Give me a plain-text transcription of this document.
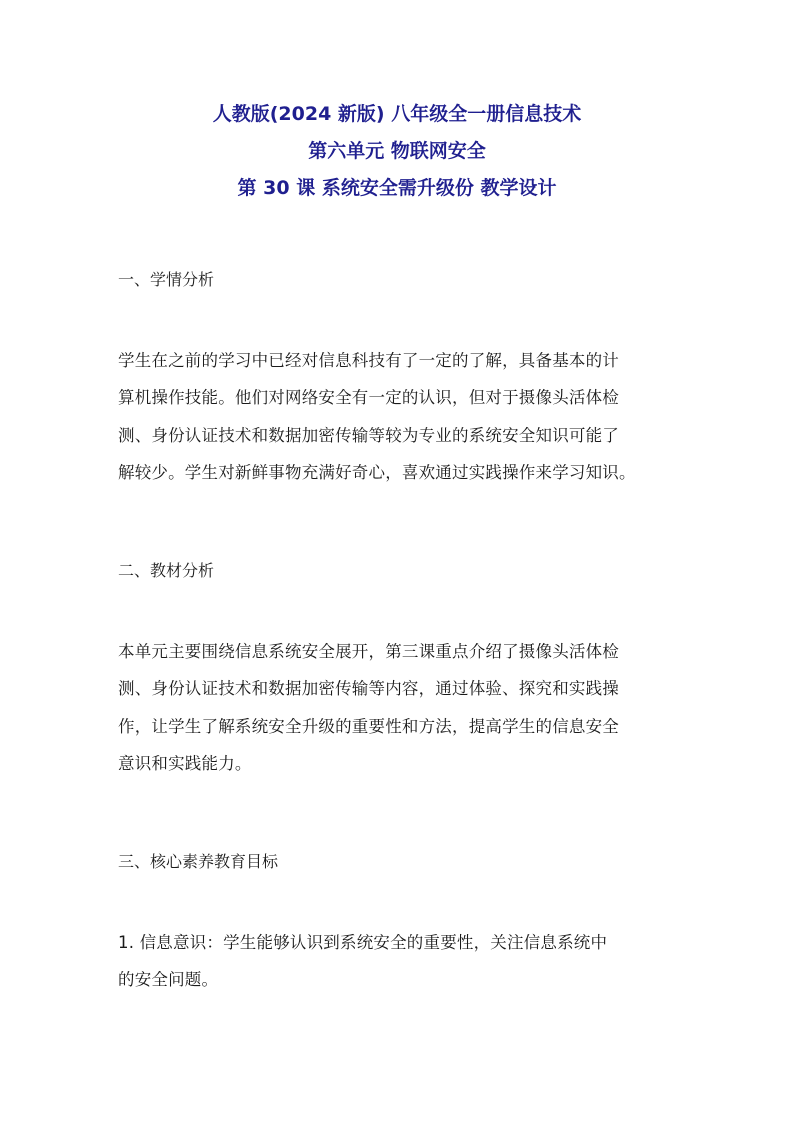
人教版(2024 新版) 八年级全一册信息技术

第六单元 物联网安全

第 30 课 系统安全需升级份 教学设计

一、学情分析

学生在之前的学习中已经对信息科技有了一定的了解，具备基本的计
算机操作技能。他们对网络安全有一定的认识，但对于摄像头活体检
测、身份认证技术和数据加密传输等较为专业的系统安全知识可能了
解较少。学生对新鲜事物充满好奇心，喜欢通过实践操作来学习知识。

二、教材分析

本单元主要围绕信息系统安全展开，第三课重点介绍了摄像头活体检
测、身份认证技术和数据加密传输等内容，通过体验、探究和实践操
作，让学生了解系统安全升级的重要性和方法，提高学生的信息安全
意识和实践能力。

三、核心素养教育目标

1. 信息意识：学生能够认识到系统安全的重要性，关注信息系统中
的安全问题。
